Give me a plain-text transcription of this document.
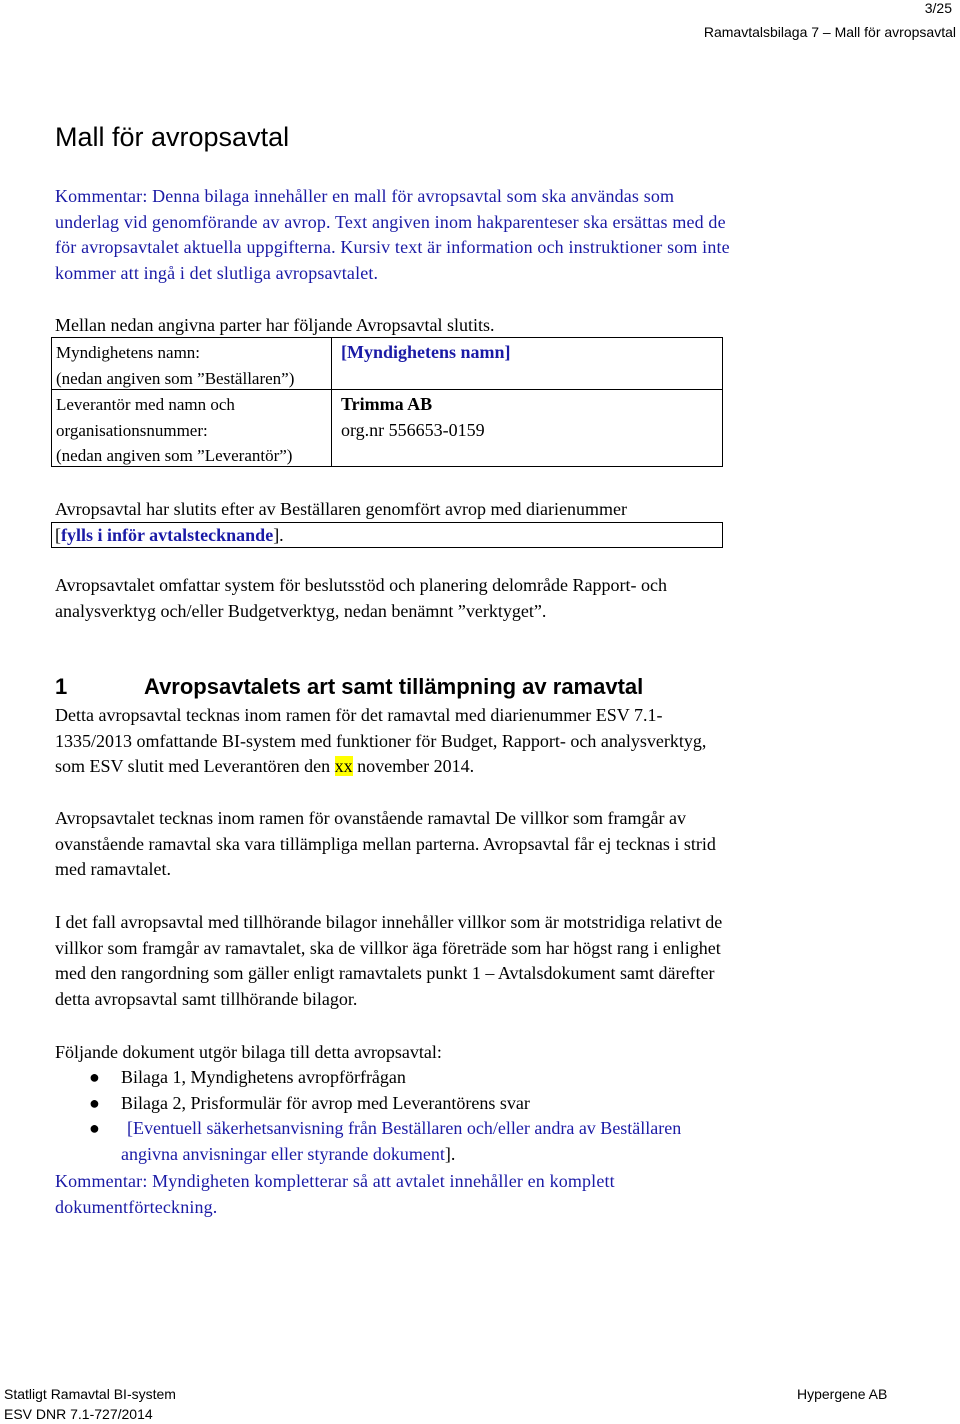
3/25
Ramavtalsbilaga 7 – Mall för avropsavtal
Mall för avropsavtal
Kommentar: Denna bilaga innehåller en mall för avropsavtal som ska användas som
underlag vid genomförande av avrop. Text angiven inom hakparenteser ska ersättas med de
för avropsavtalet aktuella uppgifterna. Kursiv text är information och instruktioner som inte
kommer att ingå i det slutliga avropsavtalet.
Mellan nedan angivna parter har följande Avropsavtal slutits.
Myndighetens namn:
(nedan angiven som ”Beställaren”)
[Myndighetens namn]
Leverantör med namn och
organisationsnummer:
(nedan angiven som ”Leverantör”)
Trimma AB
org.nr 556653-0159
Avropsavtal har slutits efter av Beställaren genomfört avrop med diarienummer
[fylls i inför avtalstecknande].
Avropsavtalet omfattar system för beslutsstöd och planering delområde Rapport- och
analysverktyg och/eller Budgetverktyg, nedan benämnt ”verktyget”.
1	Avropsavtalets art samt tillämpning av ramavtal
Detta avropsavtal tecknas inom ramen för det ramavtal med diarienummer ESV 7.1-
1335/2013 omfattande BI-system med funktioner för Budget, Rapport- och analysverktyg,
som ESV slutit med Leverantören den xx november 2014.
Avropsavtalet tecknas inom ramen för ovanstående ramavtal De villkor som framgår av
ovanstående ramavtal ska vara tillämpliga mellan parterna. Avropsavtal får ej tecknas i strid
med ramavtalet.
I det fall avropsavtal med tillhörande bilagor innehåller villkor som är motstridiga relativt de
villkor som framgår av ramavtalet, ska de villkor äga företräde som har högst rang i enlighet
med den rangordning som gäller enligt ramavtalets punkt 1 – Avtalsdokument samt därefter
detta avropsavtal samt tillhörande bilagor.
Följande dokument utgör bilaga till detta avropsavtal:
● Bilaga 1, Myndighetens avropförfrågan
● Bilaga 2, Prisformulär för avrop med Leverantörens svar
●	[Eventuell säkerhetsanvisning från Beställaren och/eller andra av Beställaren
angivna anvisningar eller styrande dokument].
Kommentar: Myndigheten kompletterar så att avtalet innehåller en komplett
dokumentförteckning.
Statligt Ramavtal BI-system
ESV DNR 7.1-727/2014
Hypergene AB
